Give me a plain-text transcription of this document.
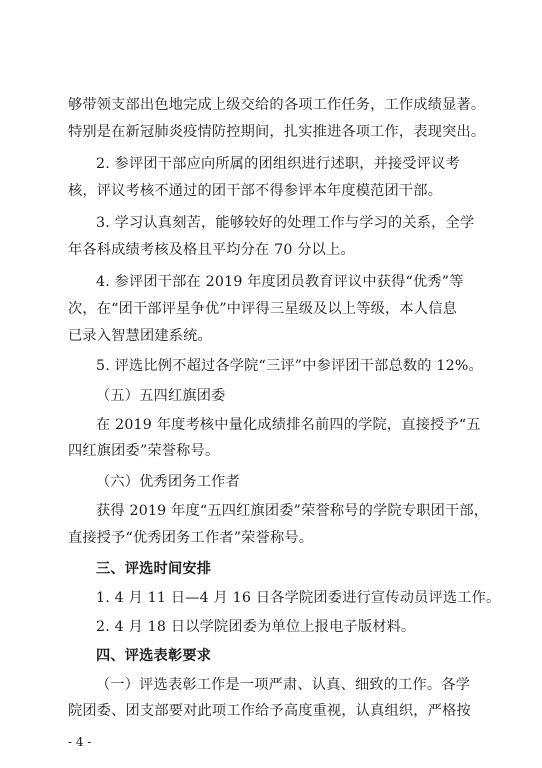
够带领支部出色地完成上级交给的各项工作任务，工作成绩显著。
特别是在新冠肺炎疫情防控期间，扎实推进各项工作，表现突出。
2. 参评团干部应向所属的团组织进行述职，并接受评议考
核，评议考核不通过的团干部不得参评本年度模范团干部。
3. 学习认真刻苦，能够较好的处理工作与学习的关系，全学
年各科成绩考核及格且平均分在 70 分以上。
4. 参评团干部在 2019 年度团员教育评议中获得“优秀”等
次，在“团干部评星争优”中评得三星级及以上等级，本人信息
已录入智慧团建系统。
5. 评选比例不超过各学院“三评”中参评团干部总数的 12%。
（五）五四红旗团委
在 2019 年度考核中量化成绩排名前四的学院，直接授予“五
四红旗团委”荣誉称号。
（六）优秀团务工作者
获得 2019 年度“五四红旗团委”荣誉称号的学院专职团干部，
直接授予“优秀团务工作者”荣誉称号。
三、评选时间安排
1. 4 月 11 日—4 月 16 日各学院团委进行宣传动员评选工作。
2. 4 月 18 日以学院团委为单位上报电子版材料。
四、评选表彰要求
（一）评选表彰工作是一项严肃、认真、细致的工作。各学
院团委、团支部要对此项工作给予高度重视，认真组织，严格按
- 4 -
